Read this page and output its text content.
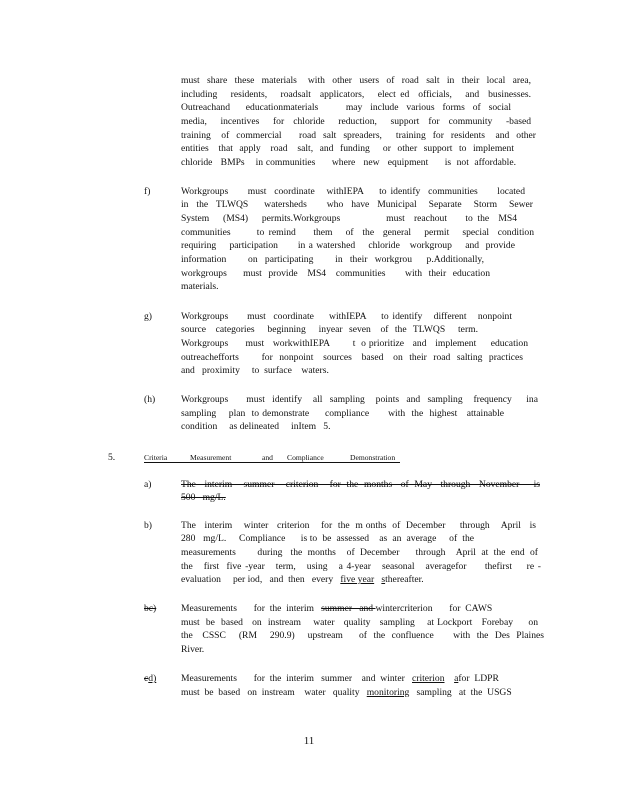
must  share  these  materials   with  other  users  of  road  salt  in  their  local  area,
including   residents,   roadsalt  applicators,   elect ed  officials,   and  businesses.
Outreachand    educationmaterials       may  include  various  forms  of  social
media,   incentives   for  chloride   reduction,   support  for  community   -based
training   of  commercial     road  salt  spreaders,    training  for  residents   and  other
entities   that  apply   road   salt,  and  funding    or  other  support  to  implement
chloride   BMPs    in communities      where   new   equipment      is  not  affordable.
f)	Workgroups     must  coordinate   withIEPA    to identify  communities     located
in  the  TLWQS    watersheds     who  have  Municipal   Separate   Storm   Sewer
System   (MS4)   permits.Workgroups          must  reachout    to the  MS4
communities      to remind    them   of  the  general   permit   special  condition
requiring    participation      in a watershed    chloride   workgroup    and  provide
information      on  participating      in  their  workgrou    p.Additionally,
workgroups     must  provide   MS4   communities      with  their  education
materials.
g)	Workgroups     must  coordinate    withIEPA    to identify   different   nonpoint
source   categories    beginning    inyear  seven   of  the  TLWQS    term.
Workgroups      must   workwithIEPA        t  o prioritize   and   implement     education
outreachefforts       for  nonpoint   sources   based   on  their  road  salting  practices
and   proximity     to  surface    waters.
(h)	Workgroups     must  identify   all  sampling   points  and  sampling   frequency    ina
sampling    plan  to demonstrate     compliance      with  the  highest   attainable
condition     as delineated     inItem   5.
5.	Criteria	Measurement	and Compliance	Demonstration
a)	The   interim    summer    criterion    for  the  months   of  May   through   November     is
500   mg/L.
b)	The   interim    winter   criterion    for  the  m onths  of  December     through    April   is
280   mg/L.     Compliance      is to  be  assessed    as  an  average     of  the
measurements        during   the  months    of  December      through    April  at  the  end  of
the   first  five -year   term,   using   a 4-year   seasonal   averagefor     thefirst    re -
evaluation     per iod,   and  then   every   five year sthereafter.
bc)	Measurements       for  the  interim   summer   and wintercriterion       for  CAWS
must  be  based   on  instream    water   quality   sampling    at Lockport   Forebay     on
the   CSSC    (RM    290.9)    upstream     of  the  confluence      with  the  Des  Plaines
River.
cd)	Measurements       for  the  interim   summer    and  winter   criterion afor  LDPR
must  be  based   on  instream    water   quality   monitoring   sampling   at  the  USGS
11
